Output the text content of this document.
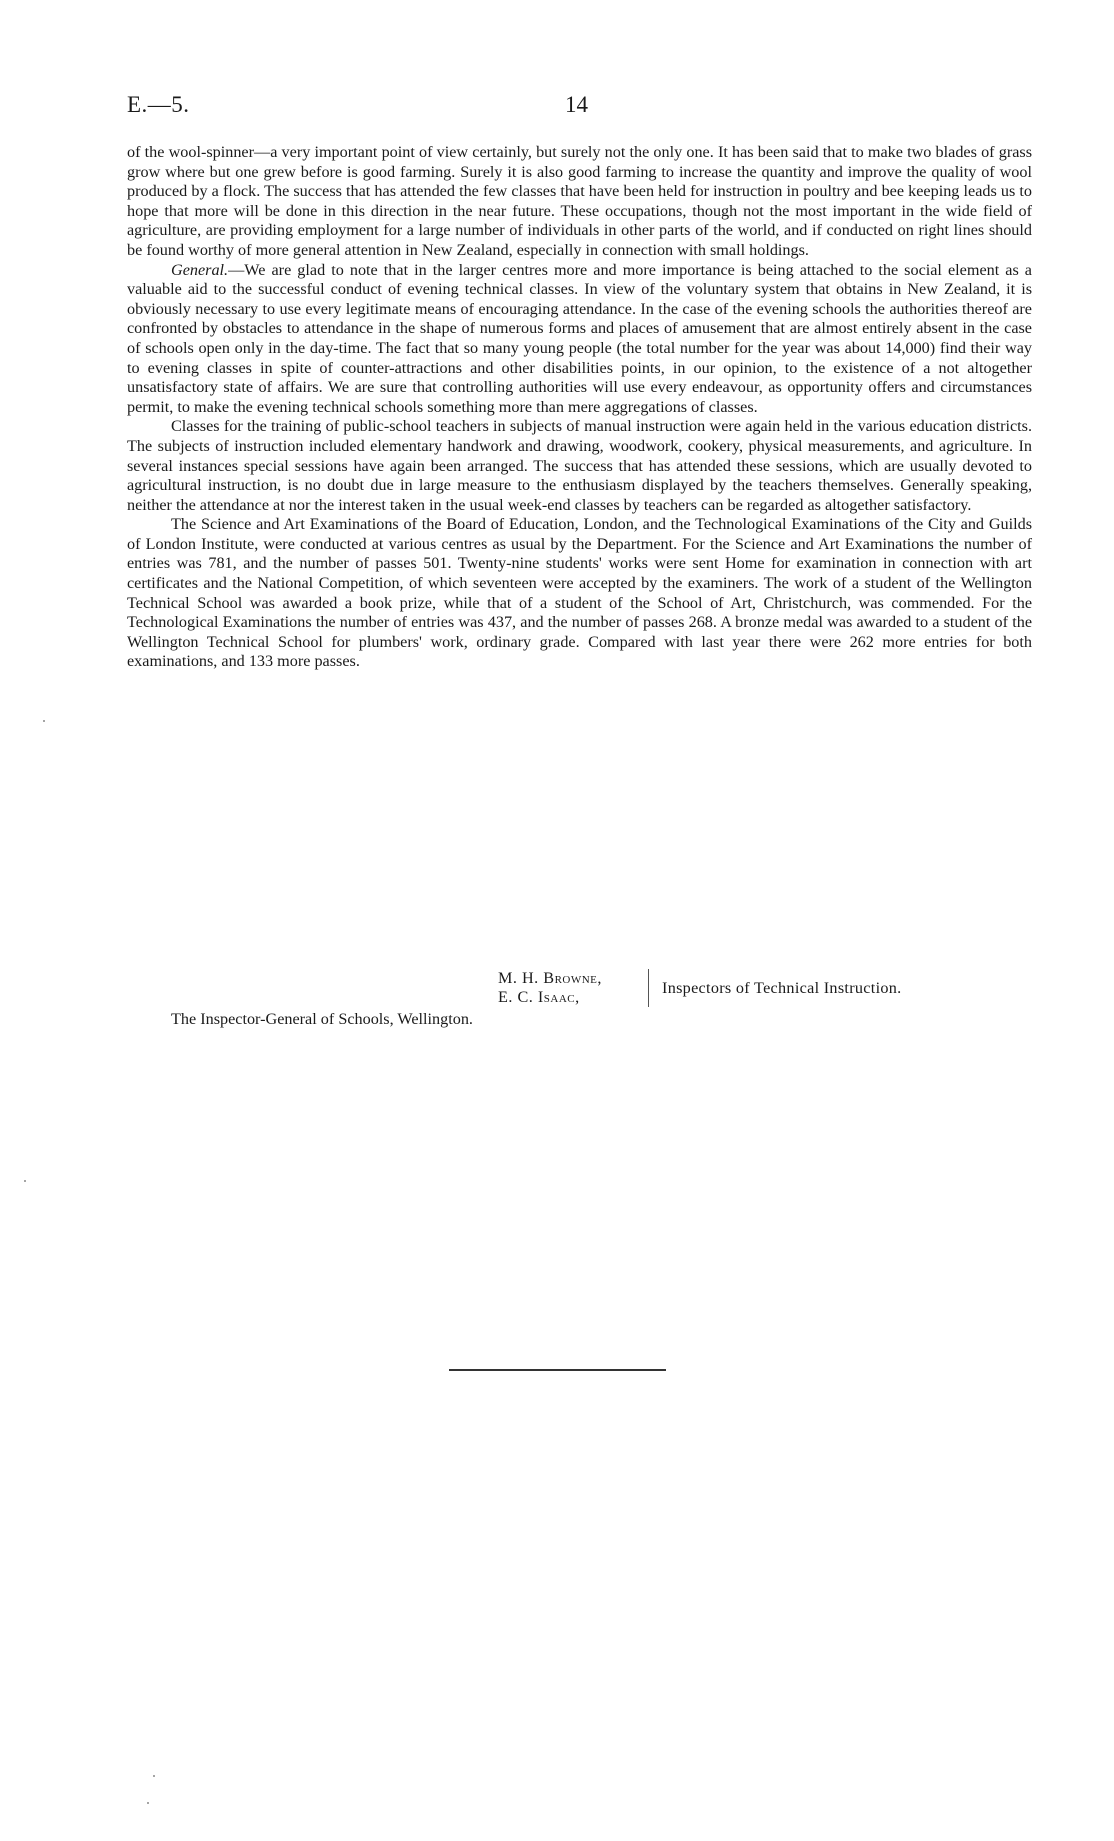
E.—5.	14

of the wool-spinner—a very important point of view certainly, but surely not the only one. It has been said that to make two blades of grass grow where but one grew before is good farming. Surely it is also good farming to increase the quantity and improve the quality of wool produced by a flock. The success that has attended the few classes that have been held for instruction in poultry and bee keeping leads us to hope that more will be done in this direction in the near future. These occupations, though not the most important in the wide field of agriculture, are providing employment for a large number of individuals in other parts of the world, and if conducted on right lines should be found worthy of more general attention in New Zealand, especially in connection with small holdings.

General.—We are glad to note that in the larger centres more and more importance is being attached to the social element as a valuable aid to the successful conduct of evening technical classes. In view of the voluntary system that obtains in New Zealand, it is obviously necessary to use every legitimate means of encouraging attendance. In the case of the evening schools the authorities thereof are confronted by obstacles to attendance in the shape of numerous forms and places of amusement that are almost entirely absent in the case of schools open only in the day-time. The fact that so many young people (the total number for the year was about 14,000) find their way to evening classes in spite of counter-attractions and other disabilities points, in our opinion, to the existence of a not altogether unsatisfactory state of affairs. We are sure that controlling authorities will use every endeavour, as opportunity offers and circumstances permit, to make the evening technical schools something more than mere aggregations of classes.

Classes for the training of public-school teachers in subjects of manual instruction were again held in the various education districts. The subjects of instruction included elementary handwork and drawing, woodwork, cookery, physical measurements, and agriculture. In several instances special sessions have again been arranged. The success that has attended these sessions, which are usually devoted to agricultural instruction, is no doubt due in large measure to the enthusiasm displayed by the teachers themselves. Generally speaking, neither the attendance at nor the interest taken in the usual week-end classes by teachers can be regarded as altogether satisfactory.

The Science and Art Examinations of the Board of Education, London, and the Technological Examinations of the City and Guilds of London Institute, were conducted at various centres as usual by the Department. For the Science and Art Examinations the number of entries was 781, and the number of passes 501. Twenty-nine students' works were sent Home for examination in connection with art certificates and the National Competition, of which seventeen were accepted by the examiners. The work of a student of the Wellington Technical School was awarded a book prize, while that of a student of the School of Art, Christchurch, was commended. For the Technological Examinations the number of entries was 437, and the number of passes 268. A bronze medal was awarded to a student of the Wellington Technical School for plumbers' work, ordinary grade. Compared with last year there were 262 more entries for both examinations, and 133 more passes.

M. H. Browne,
E. C. Isaac,	Inspectors of Technical Instruction.
The Inspector-General of Schools, Wellington.
